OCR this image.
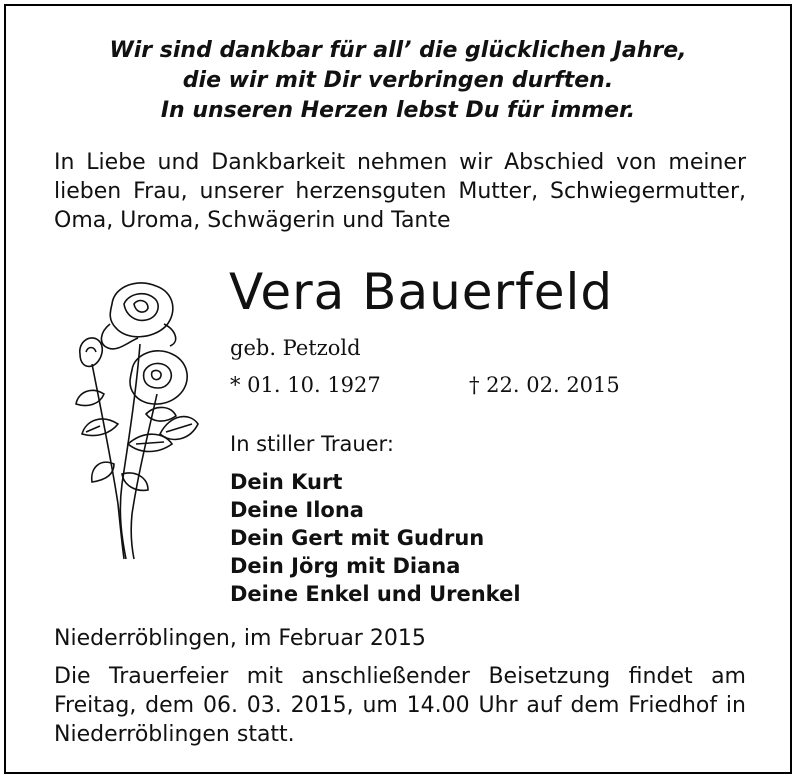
Wir sind dankbar für all’ die glücklichen Jahre,
die wir mit Dir verbringen durften.
In unseren Herzen lebst Du für immer.
In Liebe und Dankbarkeit nehmen wir Abschied von meiner lieben Frau, unserer herzensguten Mutter, Schwiegermutter, Oma, Uroma, Schwägerin und Tante
Vera Bauerfeld
geb. Petzold
* 01. 10. 1927	† 22. 02. 2015
In stiller Trauer:
Dein Kurt
Deine Ilona
Dein Gert mit Gudrun
Dein Jörg mit Diana
Deine Enkel und Urenkel
Niederröblingen, im Februar 2015
Die Trauerfeier mit anschließender Beisetzung findet am Freitag, dem 06. 03. 2015, um 14.00 Uhr auf dem Friedhof in Niederröblingen statt.
